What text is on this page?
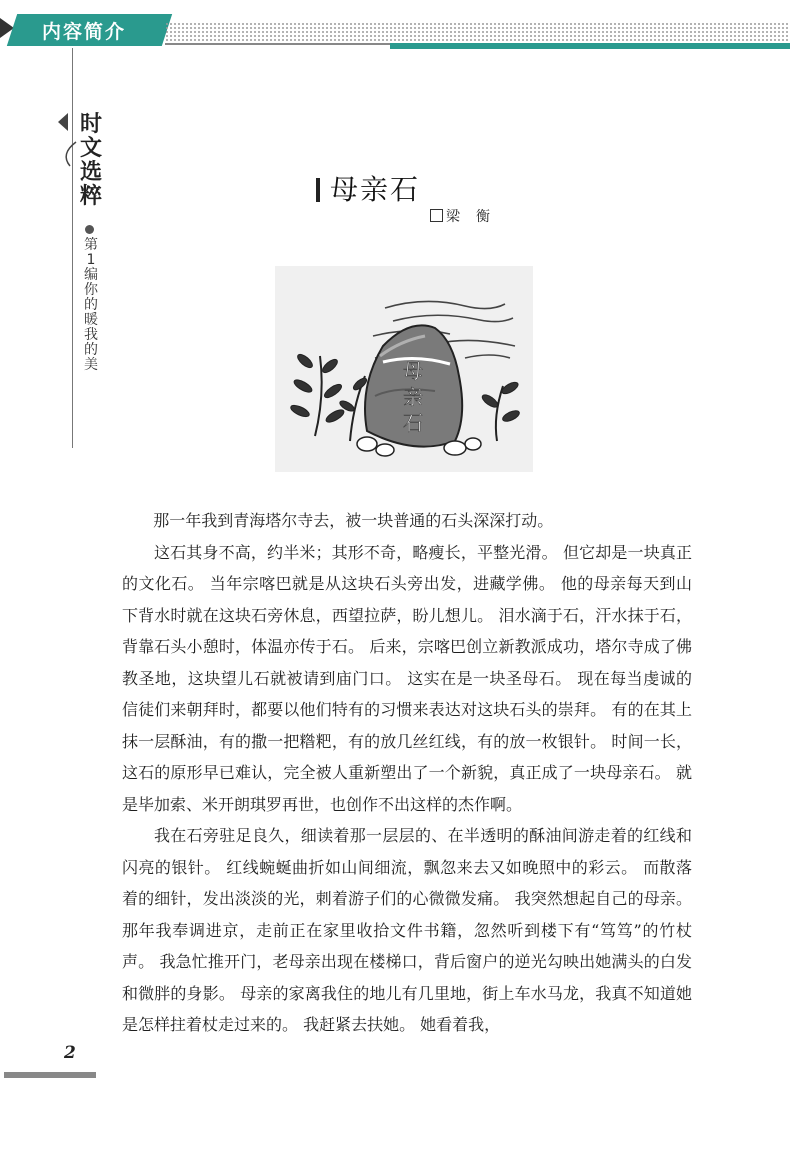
内容简介
时
文
选
粹
第
1
编
你
的
暖
我
的
美
母亲石
梁衡
母
亲
石

那一年我到青海塔尔寺去，被一块普通的石头深深打动。

这石其身不高，约半米；其形不奇，略瘦长，平整光滑。 但它却是一块真正的文化石。 当年宗喀巴就是从这块石头旁出发，进藏学佛。 他的母亲每天到山下背水时就在这块石旁休息，西望拉萨，盼儿想儿。 泪水滴于石，汗水抹于石，背靠石头小憩时，体温亦传于石。 后来，宗喀巴创立新教派成功，塔尔寺成了佛教圣地，这块望儿石就被请到庙门口。 这实在是一块圣母石。 现在每当虔诚的信徒们来朝拜时，都要以他们特有的习惯来表达对这块石头的崇拜。 有的在其上抹一层酥油，有的撒一把糌粑，有的放几丝红线，有的放一枚银针。 时间一长，这石的原形早已难认，完全被人重新塑出了一个新貌，真正成了一块母亲石。 就是毕加索、米开朗琪罗再世，也创作不出这样的杰作啊。

我在石旁驻足良久，细读着那一层层的、在半透明的酥油间游走着的红线和闪亮的银针。 红线蜿蜒曲折如山间细流，飘忽来去又如晚照中的彩云。 而散落着的细针，发出淡淡的光，刺着游子们的心微微发痛。 我突然想起自己的母亲。 那年我奉调进京，走前正在家里收拾文件书籍，忽然听到楼下有“笃笃”的竹杖声。 我急忙推开门，老母亲出现在楼梯口，背后窗户的逆光勾映出她满头的白发和微胖的身影。 母亲的家离我住的地儿有几里地，街上车水马龙，我真不知道她是怎样拄着杖走过来的。 我赶紧去扶她。 她看着我，

2
